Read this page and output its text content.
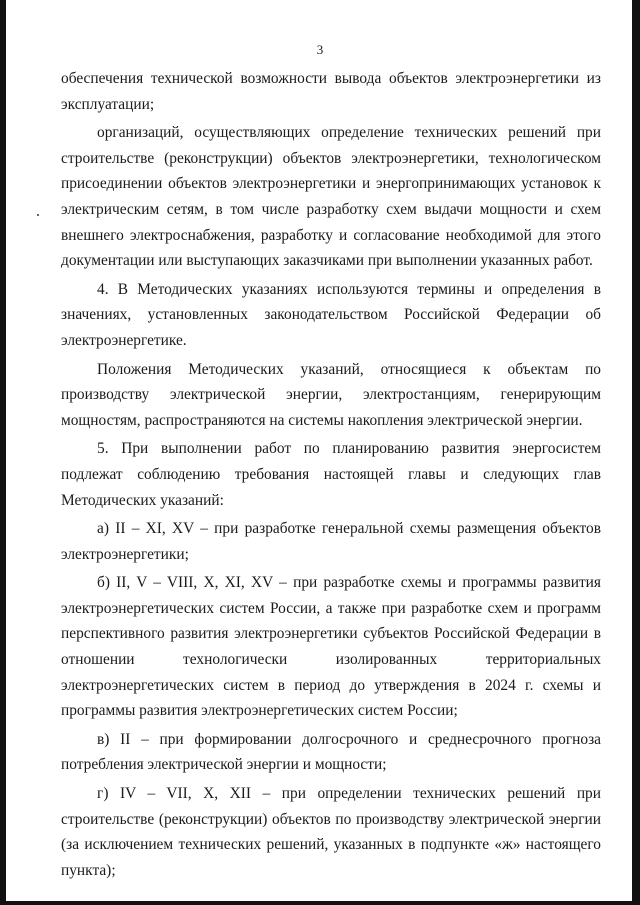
3

обеспечения технической возможности вывода объектов электроэнергетики из эксплуатации;

организаций, осуществляющих определение технических решений при строительстве (реконструкции) объектов электроэнергетики, технологическом присоединении объектов электроэнергетики и энергопринимающих установок к электрическим сетям, в том числе разработку схем выдачи мощности и схем внешнего электроснабжения, разработку и согласование необходимой для этого документации или выступающих заказчиками при выполнении указанных работ.

4. В Методических указаниях используются термины и определения в значениях, установленных законодательством Российской Федерации об электроэнергетике.

Положения Методических указаний, относящиеся к объектам по производству электрической энергии, электростанциям, генерирующим мощностям, распространяются на системы накопления электрической энергии.

5. При выполнении работ по планированию развития энергосистем подлежат соблюдению требования настоящей главы и следующих глав Методических указаний:

а) II – XI, XV – при разработке генеральной схемы размещения объектов электроэнергетики;

б) II, V – VIII, X, XI, XV – при разработке схемы и программы развития электроэнергетических систем России, а также при разработке схем и программ перспективного развития электроэнергетики субъектов Российской Федерации в отношении технологически изолированных территориальных электроэнергетических систем в период до утверждения в 2024 г. схемы и программы развития электроэнергетических систем России;

в) II – при формировании долгосрочного и среднесрочного прогноза потребления электрической энергии и мощности;

г) IV – VII, X, XII – при определении технических решений при строительстве (реконструкции) объектов по производству электрической энергии (за исключением технических решений, указанных в подпункте «ж» настоящего пункта);
